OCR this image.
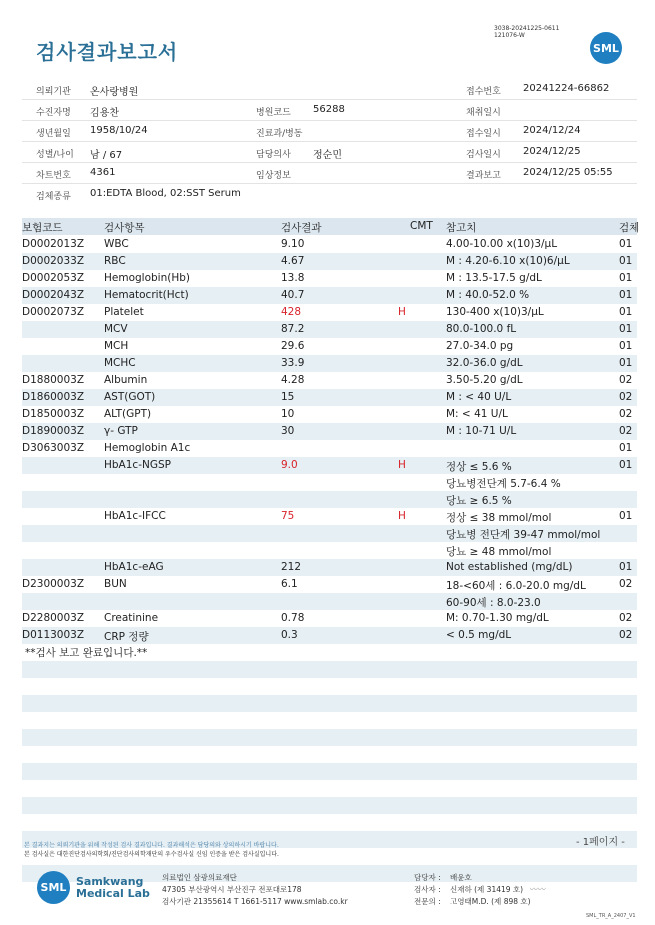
검사결과보고서
3038-20241225-0611
121076-W
SML
의뢰기관 온사랑병원	접수번호 20241224-66862
수진자명 김용찬	병원코드 56288	채취일시
생년월일 1958/10/24	진료과/병동	접수일시 2024/12/24
성별/나이 남 / 67	담당의사 정순민	검사일시 2024/12/25
차트번호 4361	임상정보	결과보고 2024/12/25 05:55
검체종류 01:EDTA Blood, 02:SST Serum
보험코드	검사항목	검사결과	CMT 참고치	검체
D0002013Z WBC	9.10	4.00-10.00 x(10)3/μL	01
D0002033Z RBC	4.67	M : 4.20-6.10 x(10)6/μL	01
D0002053Z Hemoglobin(Hb)	13.8	M : 13.5-17.5 g/dL	01
D0002043Z Hematocrit(Hct)	40.7	M : 40.0-52.0 %	01
D0002073Z Platelet	428	H	130-400 x(10)3/μL	01
MCV	87.2	80.0-100.0 fL	01
MCH	29.6	27.0-34.0 pg	01
MCHC	33.9	32.0-36.0 g/dL	01
D1880003Z Albumin	4.28	3.50-5.20 g/dL	02
D1860003Z AST(GOT)	15	M : < 40 U/L	02
D1850003Z ALT(GPT)	10	M: < 41 U/L	02
D1890003Z γ- GTP	30	M : 10-71 U/L	02
D3063003Z Hemoglobin A1c	01
HbA1c-NGSP	9.0	H	정상 ≤ 5.6 %	01
당뇨병전단계 5.7-6.4 %
당뇨 ≥ 6.5 %
HbA1c-IFCC	75	H	정상 ≤ 38 mmol/mol	01
당뇨병 전단계 39-47 mmol/mol
당뇨 ≥ 48 mmol/mol
HbA1c-eAG	212	Not established (mg/dL)	01
D2300003Z BUN	6.1	18-<60세 : 6.0-20.0 mg/dL	02
60-90세 : 8.0-23.0
D2280003Z Creatinine	0.78	M: 0.70-1.30 mg/dL	02
D0113003Z CRP 정량	0.3	< 0.5 mg/dL	02
**검사 보고 완료입니다.**
- 1페이지 -
본 결과지는 의뢰기관을 위해 작성된 검사 결과입니다. 결과해석은 담당의와 상의하시기 바랍니다.
본 검사실은 대한진단검사의학회/진단검사의학재단의 우수검사실 신임 인증을 받은 검사실입니다.
SML Samkwang
Medical Lab
의료법인 삼광의료재단
47305 부산광역시 부산진구 전포대로178
검사기관 21355614 T 1661-5117 www.smlab.co.kr
담당자 : 배윤호
검사자 : 신재하 (제 31419 호) 〰〰
전문의 : 고영태M.D. (제 898 호)
SML_TR_A_2407_V1
